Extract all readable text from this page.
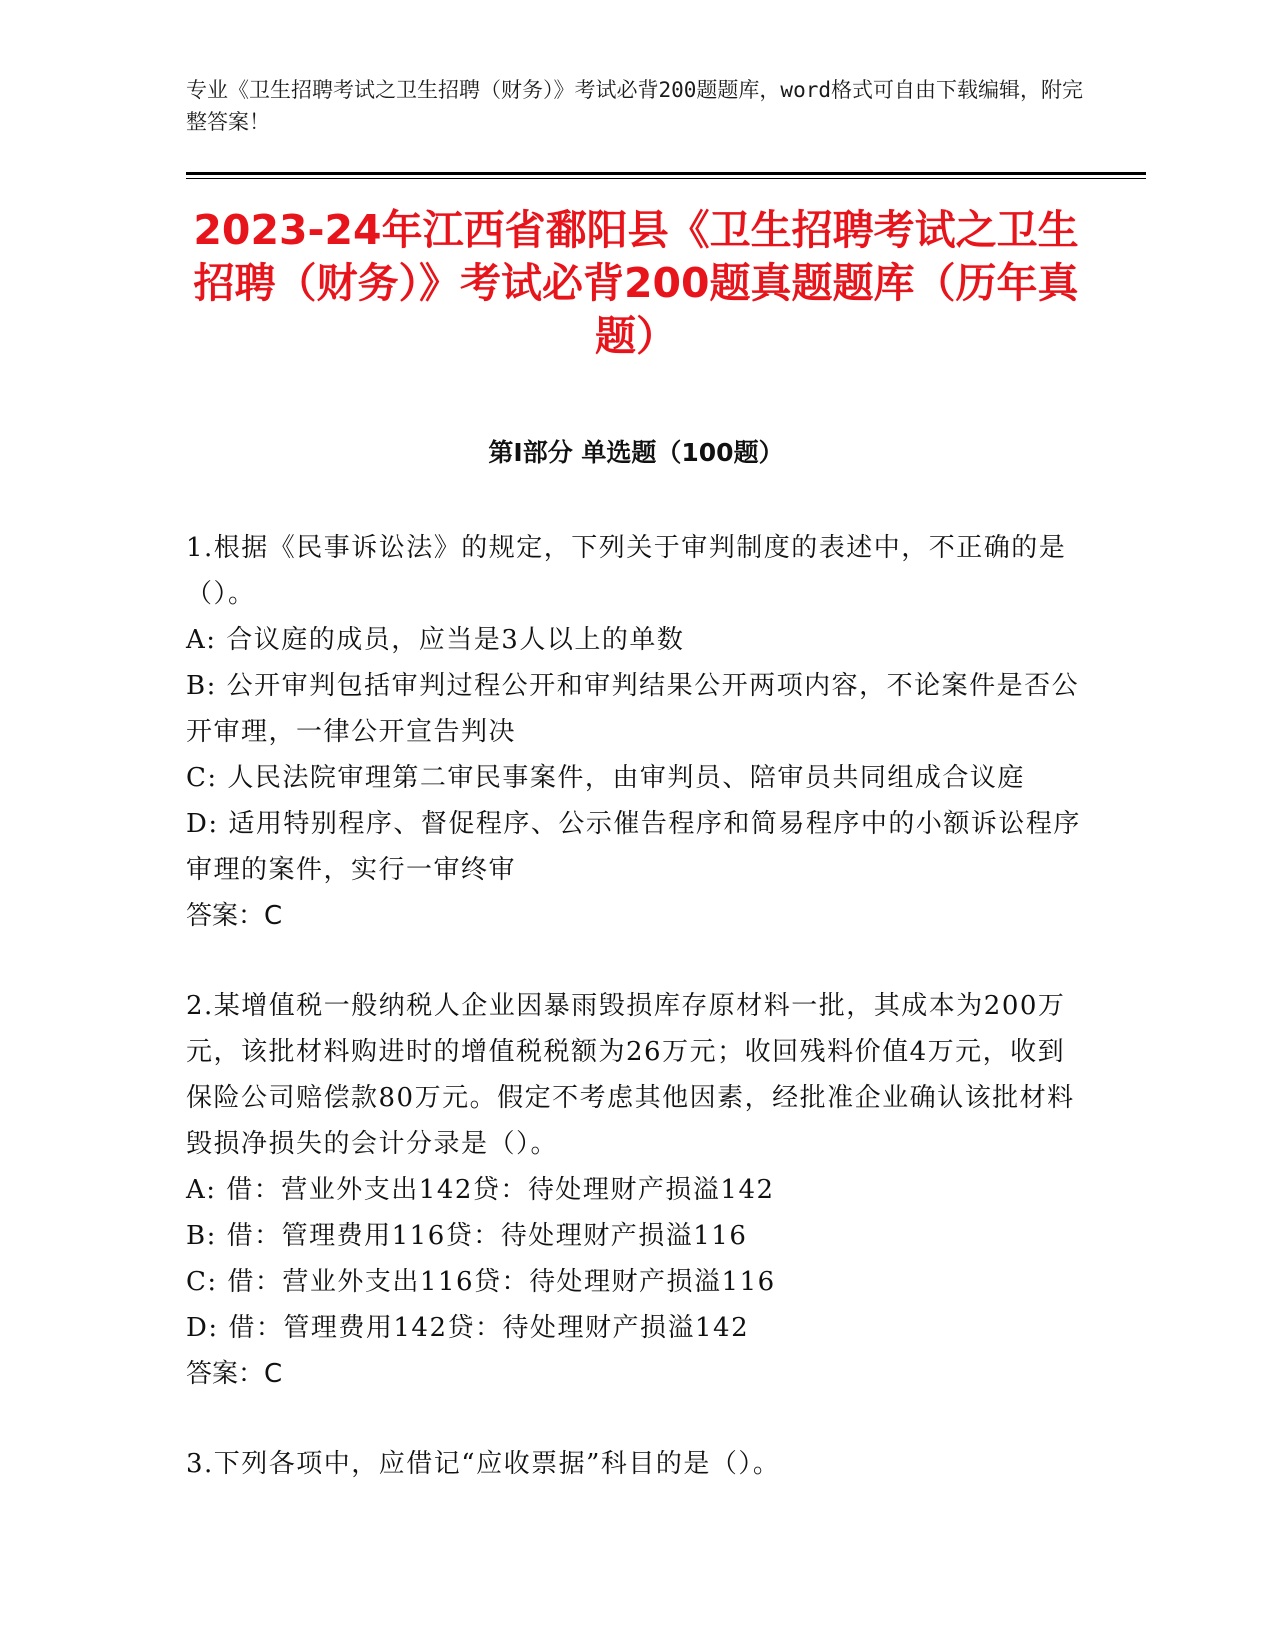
专业《卫生招聘考试之卫生招聘（财务）》考试必背200题题库，word格式可自由下载编辑，附完整答案！
2023-24年江西省鄱阳县《卫生招聘考试之卫生招聘（财务）》考试必背200题真题题库（历年真题）
第Ⅰ部分 单选题（100题）
1.根据《民事诉讼法》的规定，下列关于审判制度的表述中，不正确的是（）。
A: 合议庭的成员，应当是3人以上的单数
B: 公开审判包括审判过程公开和审判结果公开两项内容，不论案件是否公开审理，一律公开宣告判决
C: 人民法院审理第二审民事案件，由审判员、陪审员共同组成合议庭
D: 适用特别程序、督促程序、公示催告程序和简易程序中的小额诉讼程序审理的案件，实行一审终审
答案：C
2.某增值税一般纳税人企业因暴雨毁损库存原材料一批，其成本为200万元，该批材料购进时的增值税税额为26万元；收回残料价值4万元，收到保险公司赔偿款80万元。假定不考虑其他因素，经批准企业确认该批材料毁损净损失的会计分录是（）。
A: 借：营业外支出142贷：待处理财产损溢142
B: 借：管理费用116贷：待处理财产损溢116
C: 借：营业外支出116贷：待处理财产损溢116
D: 借：管理费用142贷：待处理财产损溢142
答案：C
3.下列各项中，应借记“应收票据”科目的是（）。
